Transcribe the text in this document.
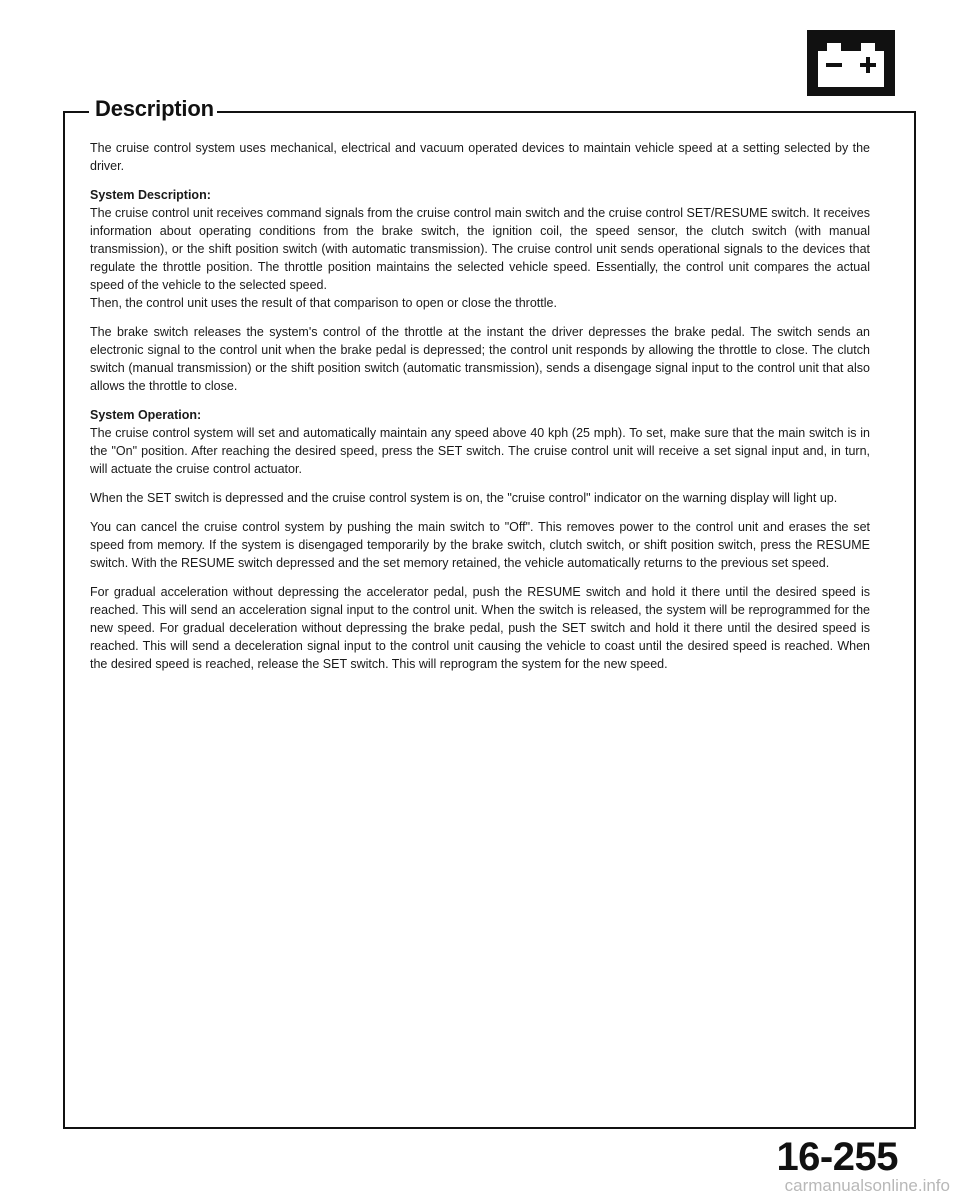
Description

The cruise control system uses mechanical, electrical and vacuum operated devices to maintain vehicle speed at a setting selected by the driver.

System Description:
The cruise control unit receives command signals from the cruise control main switch and the cruise control SET/RESUME switch. It receives information about operating conditions from the brake switch, the ignition coil, the speed sensor, the clutch switch (with manual transmission), or the shift position switch (with automatic transmission). The cruise control unit sends operational signals to the devices that regulate the throttle position. The throttle position maintains the selected vehicle speed. Essentially, the control unit compares the actual speed of the vehicle to the selected speed.
Then, the control unit uses the result of that comparison to open or close the throttle.

The brake switch releases the system's control of the throttle at the instant the driver depresses the brake pedal. The switch sends an electronic signal to the control unit when the brake pedal is depressed; the control unit responds by allowing the throttle to close. The clutch switch (manual transmission) or the shift position switch (automatic transmission), sends a disengage signal input to the control unit that also allows the throttle to close.

System Operation:
The cruise control system will set and automatically maintain any speed above 40 kph (25 mph). To set, make sure that the main switch is in the "On" position. After reaching the desired speed, press the SET switch. The cruise control unit will receive a set signal input and, in turn, will actuate the cruise control actuator.

When the SET switch is depressed and the cruise control system is on, the "cruise control" indicator on the warning display will light up.

You can cancel the cruise control system by pushing the main switch to "Off". This removes power to the control unit and erases the set speed from memory. If the system is disengaged temporarily by the brake switch, clutch switch, or shift position switch, press the RESUME switch. With the RESUME switch depressed and the set memory retained, the vehicle automatically returns to the previous set speed.

For gradual acceleration without depressing the accelerator pedal, push the RESUME switch and hold it there until the desired speed is reached. This will send an acceleration signal input to the control unit. When the switch is released, the system will be reprogrammed for the new speed. For gradual deceleration without depressing the brake pedal, push the SET switch and hold it there until the desired speed is reached. This will send a deceleration signal input to the control unit causing the vehicle to coast until the desired speed is reached. When the desired speed is reached, release the SET switch. This will reprogram the system for the new speed.

16-255
carmanualsonline.info
